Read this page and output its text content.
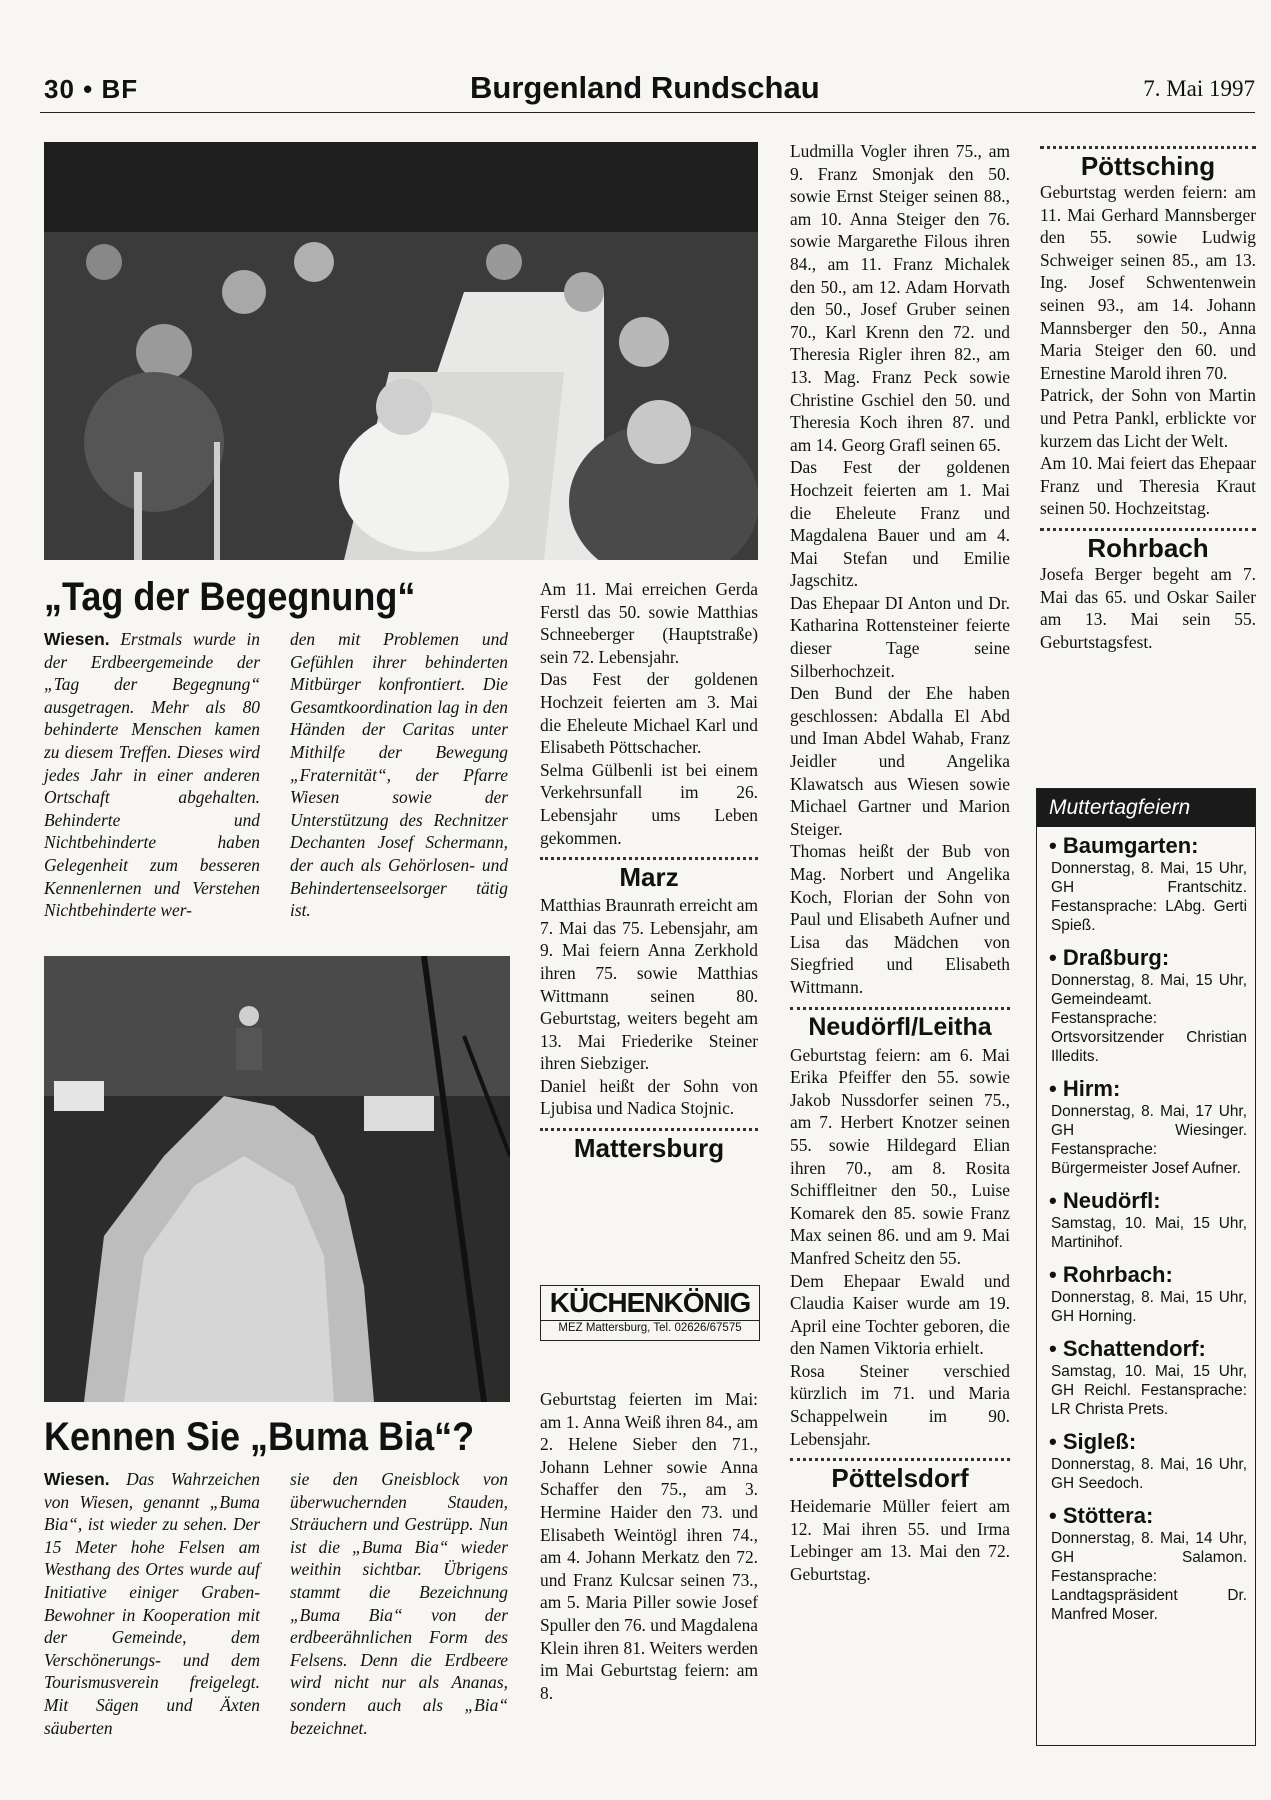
30 • BF	Burgenland Rundschau	7. Mai 1997
„Tag der Begegnung“

Wiesen. Erstmals wurde in der Erdbeergemeinde der „Tag der Begegnung“ ausgetragen. Mehr als 80 behinderte Menschen kamen zu diesem Treffen. Dieses wird jedes Jahr in einer anderen Ortschaft abgehalten. Behinderte und Nichtbehinderte haben Gelegenheit zum besseren Kennenlernen und Verstehen Nichtbehinderte wer-

den mit Problemen und Gefühlen ihrer behinderten Mitbürger konfrontiert. Die Gesamtkoordination lag in den Händen der Caritas unter Mithilfe der Bewegung „Fraternität“, der Pfarre Wiesen sowie der Unterstützung des Rechnitzer Dechanten Josef Schermann, der auch als Gehörlosen- und Behindertenseelsorger tätig ist.

Kennen Sie „Buma Bia“?

Wiesen. Das Wahrzeichen von Wiesen, genannt „Buma Bia“, ist wieder zu sehen. Der 15 Meter hohe Felsen am Westhang des Ortes wurde auf Initiative einiger Graben-Bewohner in Kooperation mit der Gemeinde, dem Verschönerungs- und dem Tourismusverein freigelegt. Mit Sägen und Äxten säuberten

sie den Gneisblock von überwuchernden Stauden, Sträuchern und Gestrüpp. Nun ist die „Buma Bia“ wieder weithin sichtbar. Übrigens stammt die Bezeichnung „Buma Bia“ von der erdbeerähnlichen Form des Felsens. Denn die Erdbeere wird nicht nur als Ananas, sondern auch als „Bia“ bezeichnet.

Am 11. Mai erreichen Gerda Ferstl das 50. sowie Matthias Schneeberger (Hauptstraße) sein 72. Lebensjahr.

Das Fest der goldenen Hochzeit feierten am 3. Mai die Eheleute Michael Karl und Elisabeth Pöttschacher.

Selma Gülbenli ist bei einem Verkehrsunfall im 26. Lebensjahr ums Leben gekommen.

Marz

Matthias Braunrath erreicht am 7. Mai das 75. Lebensjahr, am 9. Mai feiern Anna Zerkhold ihren 75. sowie Matthias Wittmann seinen 80. Geburtstag, weiters begeht am 13. Mai Friederike Steiner ihren Siebziger.

Daniel heißt der Sohn von Ljubisa und Nadica Stojnic.

Mattersburg
KÜCHENKÖNIG
MEZ Mattersburg, Tel. 02626/67575

Geburtstag feierten im Mai: am 1. Anna Weiß ihren 84., am 2. Helene Sieber den 71., Johann Lehner sowie Anna Schaffer den 75., am 3. Hermine Haider den 73. und Elisabeth Weintögl ihren 74., am 4. Johann Merkatz den 72. und Franz Kulcsar seinen 73., am 5. Maria Piller sowie Josef Spuller den 76. und Magdalena Klein ihren 81. Weiters werden im Mai Geburtstag feiern: am 8.

Ludmilla Vogler ihren 75., am 9. Franz Smonjak den 50. sowie Ernst Steiger seinen 88., am 10. Anna Steiger den 76. sowie Margarethe Filous ihren 84., am 11. Franz Michalek den 50., am 12. Adam Horvath den 50., Josef Gruber seinen 70., Karl Krenn den 72. und Theresia Rigler ihren 82., am 13. Mag. Franz Peck sowie Christine Gschiel den 50. und Theresia Koch ihren 87. und am 14. Georg Grafl seinen 65.

Das Fest der goldenen Hochzeit feierten am 1. Mai die Eheleute Franz und Magdalena Bauer und am 4. Mai Stefan und Emilie Jagschitz.

Das Ehepaar DI Anton und Dr. Katharina Rottensteiner feierte dieser Tage seine Silberhochzeit.

Den Bund der Ehe haben geschlossen: Abdalla El Abd und Iman Abdel Wahab, Franz Jeidler und Angelika Klawatsch aus Wiesen sowie Michael Gartner und Marion Steiger.

Thomas heißt der Bub von Mag. Norbert und Angelika Koch, Florian der Sohn von Paul und Elisabeth Aufner und Lisa das Mädchen von Siegfried und Elisabeth Wittmann.

Neudörfl/Leitha

Geburtstag feiern: am 6. Mai Erika Pfeiffer den 55. sowie Jakob Nussdorfer seinen 75., am 7. Herbert Knotzer seinen 55. sowie Hildegard Elian ihren 70., am 8. Rosita Schiffleitner den 50., Luise Komarek den 85. sowie Franz Max seinen 86. und am 9. Mai Manfred Scheitz den 55.

Dem Ehepaar Ewald und Claudia Kaiser wurde am 19. April eine Tochter geboren, die den Namen Viktoria erhielt.

Rosa Steiner verschied kürzlich im 71. und Maria Schappelwein im 90. Lebensjahr.

Pöttelsdorf

Heidemarie Müller feiert am 12. Mai ihren 55. und Irma Lebinger am 13. Mai den 72. Geburtstag.

Pöttsching

Geburtstag werden feiern: am 11. Mai Gerhard Mannsberger den 55. sowie Ludwig Schweiger seinen 85., am 13. Ing. Josef Schwentenwein seinen 93., am 14. Johann Mannsberger den 50., Anna Maria Steiger den 60. und Ernestine Marold ihren 70.

Patrick, der Sohn von Martin und Petra Pankl, erblickte vor kurzem das Licht der Welt.

Am 10. Mai feiert das Ehepaar Franz und Theresia Kraut seinen 50. Hochzeitstag.

Rohrbach

Josefa Berger begeht am 7. Mai das 65. und Oskar Sailer am 13. Mai sein 55. Geburtstagsfest.

Muttertagfeiern
• Baumgarten:
Donnerstag, 8. Mai, 15 Uhr, GH Frantschitz. Festansprache: LAbg. Gerti Spieß.
• Draßburg:
Donnerstag, 8. Mai, 15 Uhr, Gemeindeamt. Festansprache: Ortsvorsitzender Christian Illedits.
• Hirm:
Donnerstag, 8. Mai, 17 Uhr, GH Wiesinger. Festansprache: Bürgermeister Josef Aufner.
• Neudörfl:
Samstag, 10. Mai, 15 Uhr, Martinihof.
• Rohrbach:
Donnerstag, 8. Mai, 15 Uhr, GH Horning.
• Schattendorf:
Samstag, 10. Mai, 15 Uhr, GH Reichl. Festansprache: LR Christa Prets.
• Sigleß:
Donnerstag, 8. Mai, 16 Uhr, GH Seedoch.
• Stöttera:
Donnerstag, 8. Mai, 14 Uhr, GH Salamon. Festansprache: Landtagspräsident Dr. Manfred Moser.
